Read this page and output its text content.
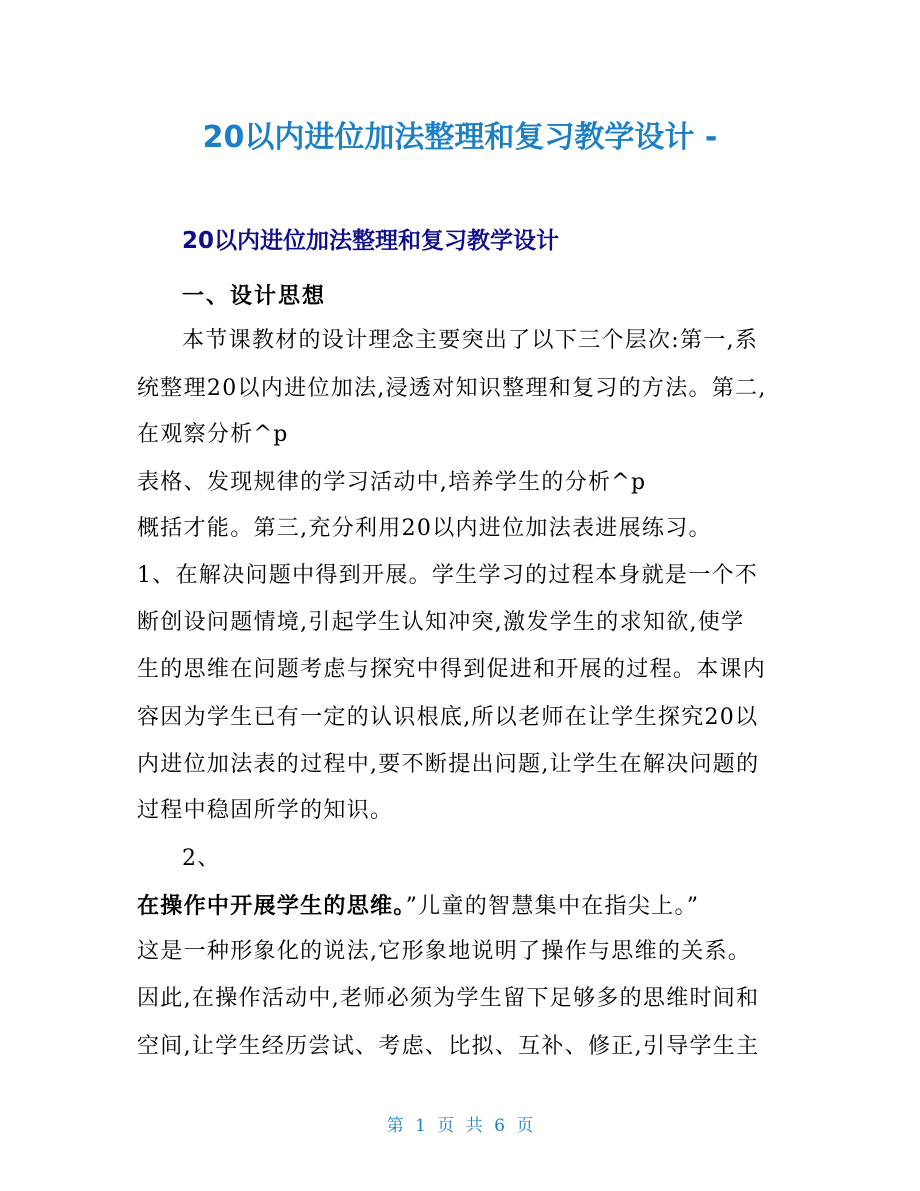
20以内进位加法整理和复习教学设计 -
20以内进位加法整理和复习教学设计
一、设计思想
本节课教材的设计理念主要突出了以下三个层次:第一,系
统整理20以内进位加法,浸透对知识整理和复习的方法。第二,
在观察分析^p
表格、发现规律的学习活动中,培养学生的分析^p
概括才能。第三,充分利用20以内进位加法表进展练习。
1、在解决问题中得到开展。学生学习的过程本身就是一个不
断创设问题情境,引起学生认知冲突,激发学生的求知欲,使学
生的思维在问题考虑与探究中得到促进和开展的过程。本课内
容因为学生已有一定的认识根底,所以老师在让学生探究20以
内进位加法表的过程中,要不断提出问题,让学生在解决问题的
过程中稳固所学的知识。
2、
在操作中开展学生的思维。”儿童的智慧集中在指尖上。”
这是一种形象化的说法,它形象地说明了操作与思维的关系。
因此,在操作活动中,老师必须为学生留下足够多的思维时间和
空间,让学生经历尝试、考虑、比拟、互补、修正,引导学生主
第 1 页 共 6 页
